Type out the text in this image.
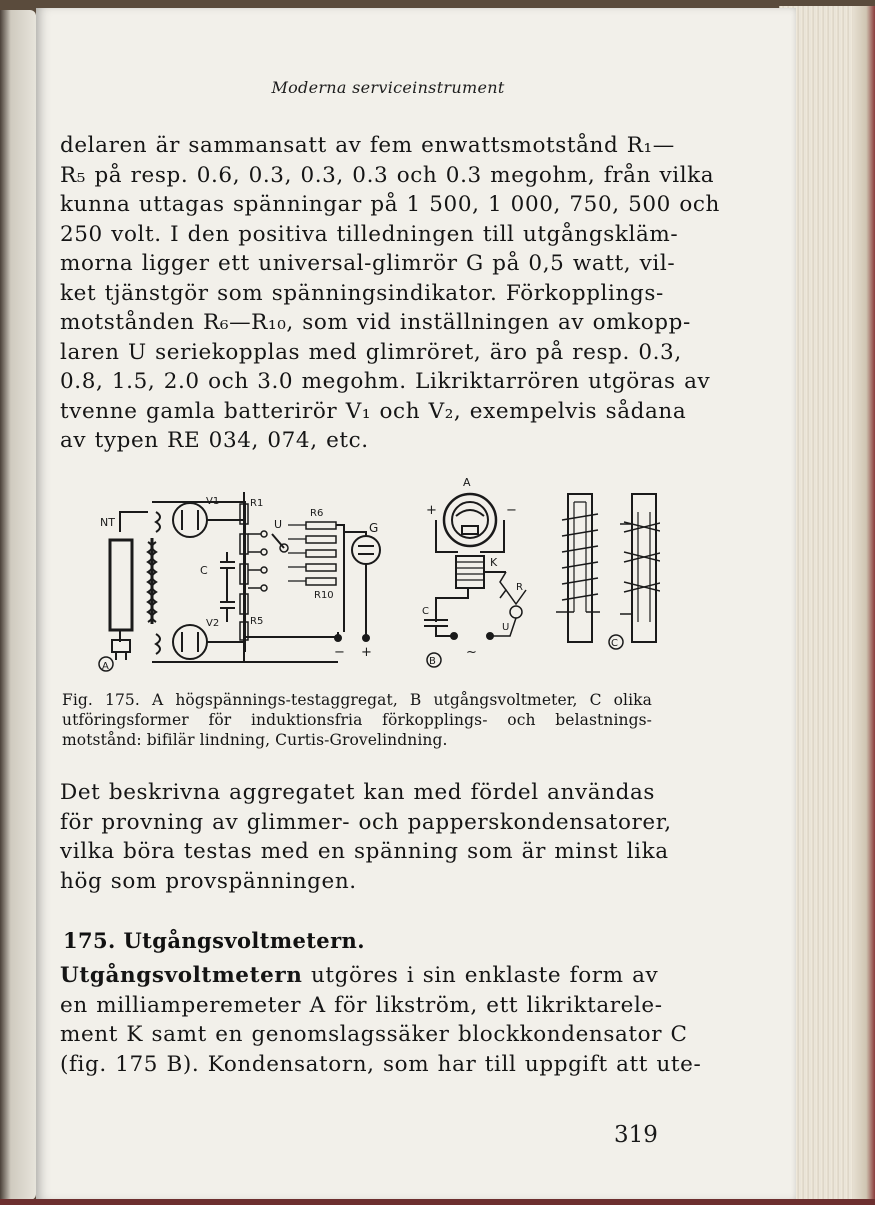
Moderna serviceinstrument
delaren är sammansatt av fem enwattsmotstånd R₁—
R₅ på resp. 0.6, 0.3, 0.3, 0.3 och 0.3 megohm, från vilka
kunna uttagas spänningar på 1 500, 1 000, 750, 500 och
250 volt. I den positiva tilledningen till utgångskläm-
morna ligger ett universal-glimrör G på 0,5 watt, vil-
ket tjänstgör som spänningsindikator. Förkopplings-
motstånden R₆—R₁₀, som vid inställningen av omkopp-
laren U seriekopplas med glimröret, äro på resp. 0.3,
0.8, 1.5, 2.0 och 3.0 megohm. Likriktarrören utgöras av
tvenne gamla batterirör V₁ och V₂, exempelvis sådana
av typen RE 034, 074, etc.
NT
V1
V2
R1
R5
R6
R10
U
C
G
− +
A
A
+	−
K
R
C
U
~
B
C
Fig. 175. A högspännings-testaggregat, B utgångsvoltmeter, C olika
utföringsformer för induktionsfria förkopplings- och belastnings-
motstånd: bifilär lindning, Curtis-Grovelindning.
Det beskrivna aggregatet kan med fördel användas
för provning av glimmer- och papperskondensatorer,
vilka böra testas med en spänning som är minst lika
hög som provspänningen.
175. Utgångsvoltmetern.
Utgångsvoltmetern utgöres i sin enklaste form av
en milliamperemeter A för likström, ett likriktarele-
ment K samt en genomslagssäker blockkondensator C
(fig. 175 B). Kondensatorn, som har till uppgift att ute-
319
